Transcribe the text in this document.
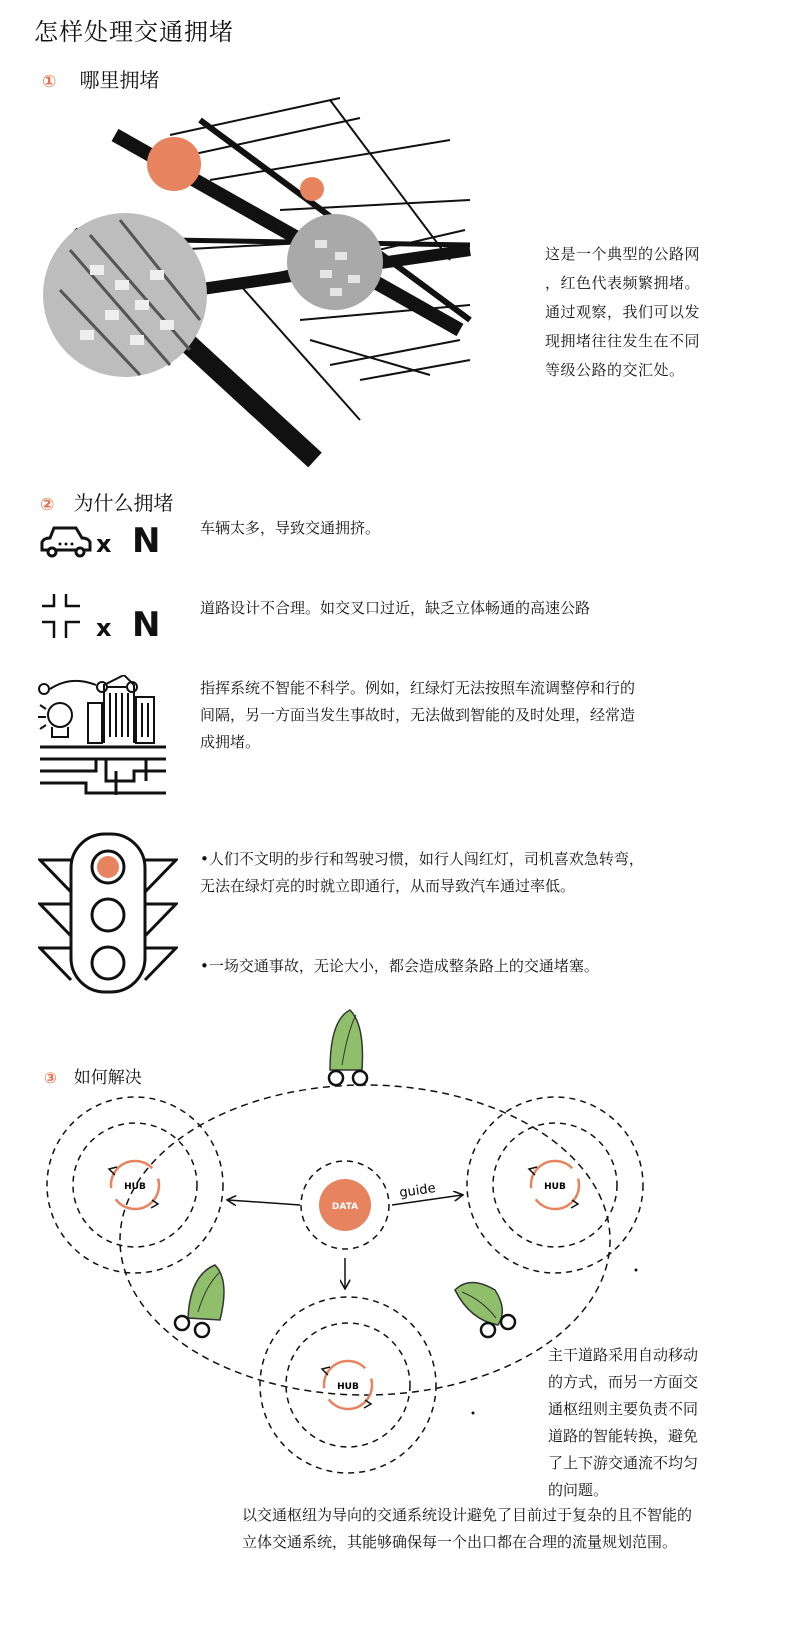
怎样处理交通拥堵
① 哪里拥堵
这是一个典型的公路网
，红色代表频繁拥堵。
通过观察，我们可以发
现拥堵往往发生在不同
等级公路的交汇处。
② 为什么拥堵
x N	车辆太多，导致交通拥挤。
x N	道路设计不合理。如交叉口过近，缺乏立体畅通的高速公路
指挥系统不智能不科学。例如，红绿灯无法按照车流调整停和行的
间隔，另一方面当发生事故时，无法做到智能的及时处理，经常造
成拥堵。
•人们不文明的步行和驾驶习惯，如行人闯红灯，司机喜欢急转弯，
无法在绿灯亮的时就立即通行，从而导致汽车通过率低。
•一场交通事故，无论大小，都会造成整条路上的交通堵塞。
③ 如何解决
HUB	HUB
HUB
DATA
guide
主干道路采用自动移动
的方式，而另一方面交
通枢纽则主要负责不同
道路的智能转换，避免
了上下游交通流不均匀
的问题。
以交通枢纽为导向的交通系统设计避免了目前过于复杂的且不智能的
立体交通系统，其能够确保每一个出口都在合理的流量规划范围。
